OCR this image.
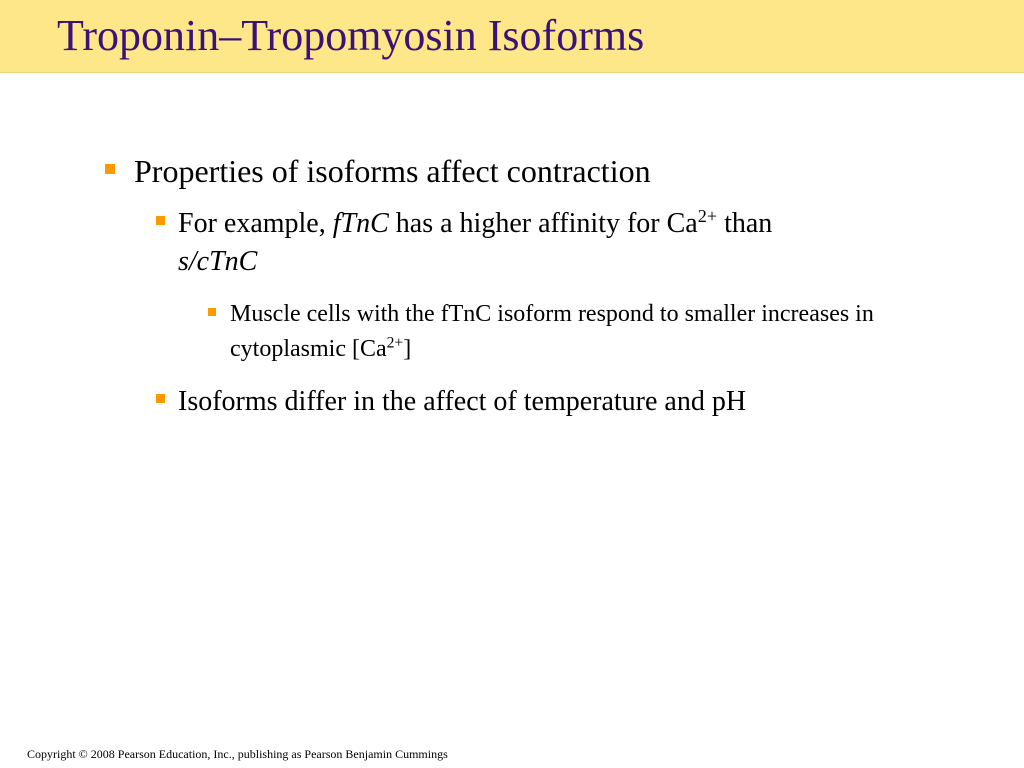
Troponin–Tropomyosin Isoforms
Properties of isoforms affect contraction
For example, fTnC has a higher affinity for $Ca^{2+}$ than
s/cTnC
Muscle cells with the fTnC isoform respond to smaller increases in cytoplasmic $[Ca^{2+}]$
Isoforms differ in the affect of temperature and pH
Copyright © 2008 Pearson Education, Inc., publishing as Pearson Benjamin Cummings
